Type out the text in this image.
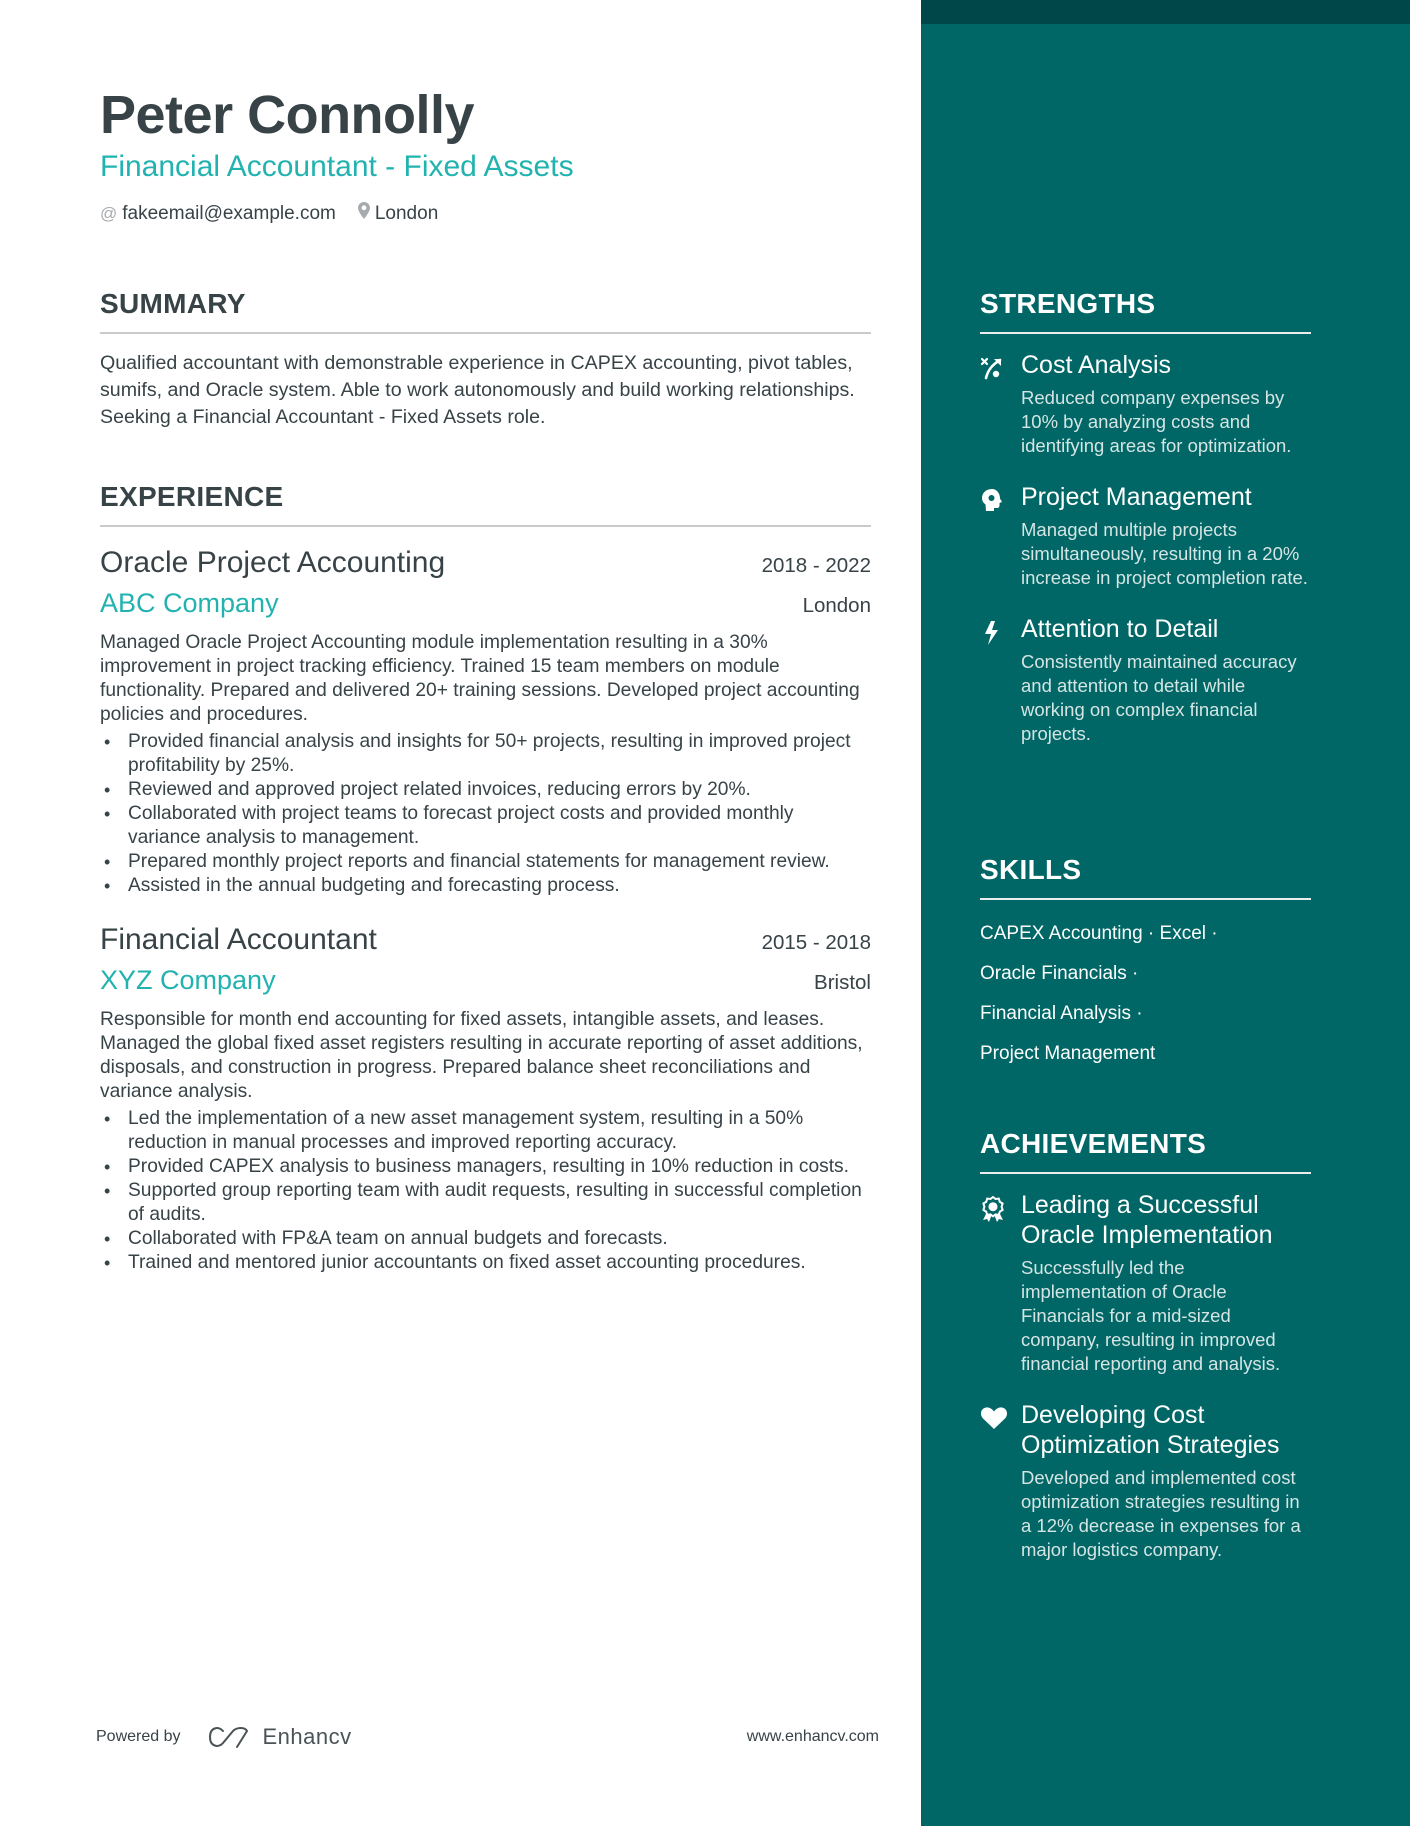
Peter Connolly
Financial Accountant - Fixed Assets
@ fakeemail@example.com London
SUMMARY
Qualified accountant with demonstrable experience in CAPEX accounting, pivot tables, sumifs, and Oracle system. Able to work autonomously and build working relationships. Seeking a Financial Accountant - Fixed Assets role.
EXPERIENCE
Oracle Project Accounting	2018 - 2022
ABC Company	London
Managed Oracle Project Accounting module implementation resulting in a 30% improvement in project tracking efficiency. Trained 15 team members on module functionality. Prepared and delivered 20+ training sessions. Developed project accounting policies and procedures.
• Provided financial analysis and insights for 50+ projects, resulting in improved project profitability by 25%.
• Reviewed and approved project related invoices, reducing errors by 20%.
• Collaborated with project teams to forecast project costs and provided monthly variance analysis to management.
• Prepared monthly project reports and financial statements for management review.
• Assisted in the annual budgeting and forecasting process.
Financial Accountant	2015 - 2018
XYZ Company	Bristol
Responsible for month end accounting for fixed assets, intangible assets, and leases. Managed the global fixed asset registers resulting in accurate reporting of asset additions, disposals, and construction in progress. Prepared balance sheet reconciliations and variance analysis.
• Led the implementation of a new asset management system, resulting in a 50% reduction in manual processes and improved reporting accuracy.
• Provided CAPEX analysis to business managers, resulting in 10% reduction in costs.
• Supported group reporting team with audit requests, resulting in successful completion of audits.
• Collaborated with FP&A team on annual budgets and forecasts.
• Trained and mentored junior accountants on fixed asset accounting procedures.
Powered by	Enhancv	www.enhancv.com
STRENGTHS
Cost Analysis
Reduced company expenses by 10% by analyzing costs and identifying areas for optimization.
Project Management
Managed multiple projects simultaneously, resulting in a 20% increase in project completion rate.
Attention to Detail
Consistently maintained accuracy and attention to detail while working on complex financial projects.
SKILLS
CAPEX Accounting · Excel ·
Oracle Financials ·
Financial Analysis ·
Project Management
ACHIEVEMENTS
Leading a Successful Oracle Implementation
Successfully led the implementation of Oracle Financials for a mid-sized company, resulting in improved financial reporting and analysis.
Developing Cost Optimization Strategies
Developed and implemented cost optimization strategies resulting in a 12% decrease in expenses for a major logistics company.
